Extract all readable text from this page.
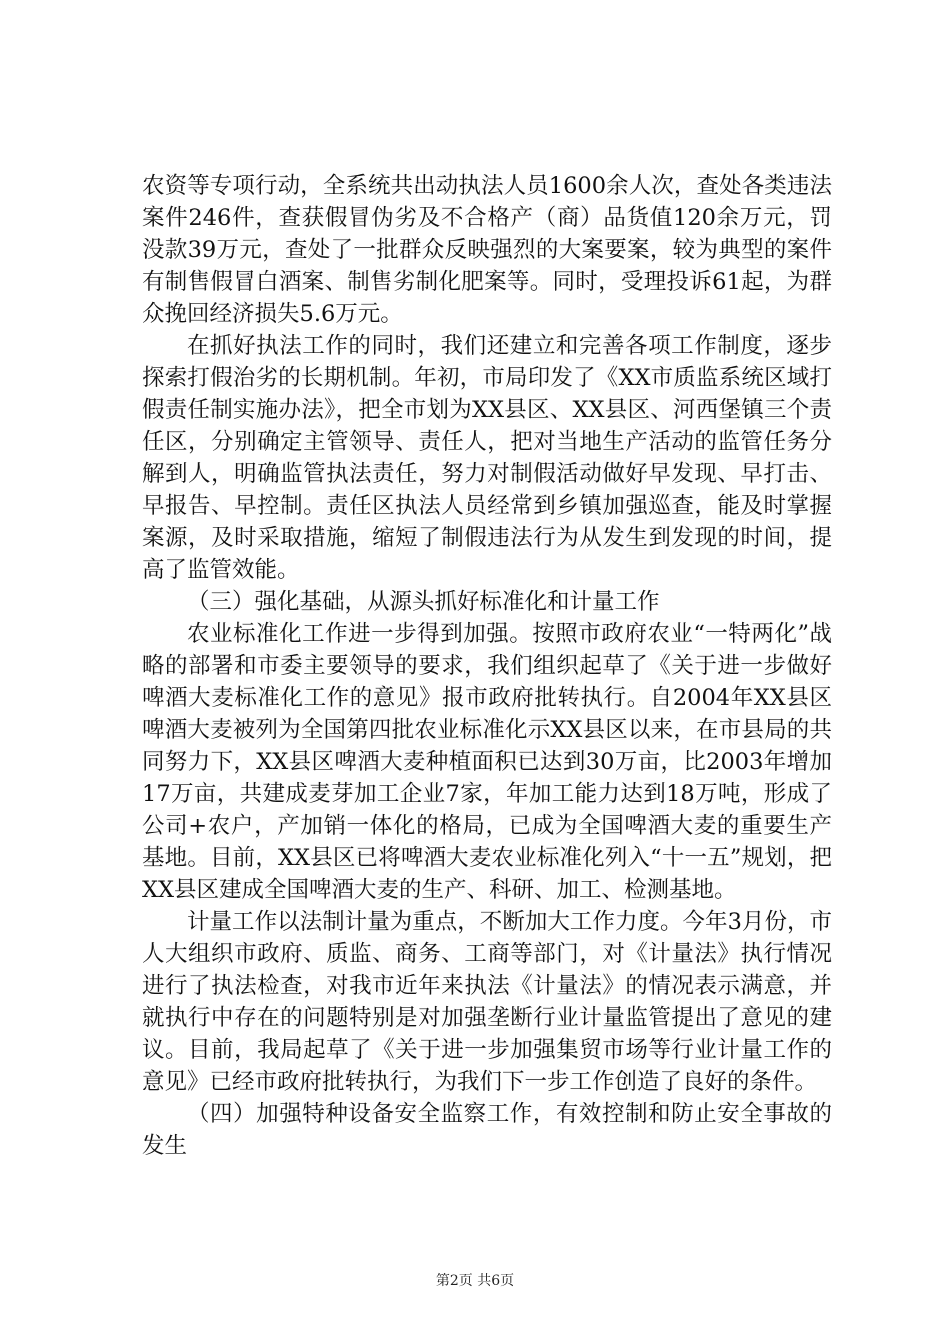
农资等专项行动，全系统共出动执法人员1600余人次，查处各类违法案件246件，查获假冒伪劣及不合格产（商）品货值120余万元，罚没款39万元，查处了一批群众反映强烈的大案要案，较为典型的案件有制售假冒白酒案、制售劣制化肥案等。同时，受理投诉61起，为群众挽回经济损失5.6万元。

在抓好执法工作的同时，我们还建立和完善各项工作制度，逐步探索打假治劣的长期机制。年初，市局印发了《XX市质监系统区域打假责任制实施办法》，把全市划为XX县区、XX县区、河西堡镇三个责任区，分别确定主管领导、责任人，把对当地生产活动的监管任务分解到人，明确监管执法责任，努力对制假活动做好早发现、早打击、早报告、早控制。责任区执法人员经常到乡镇加强巡查，能及时掌握案源，及时采取措施，缩短了制假违法行为从发生到发现的时间，提高了监管效能。

（三）强化基础，从源头抓好标准化和计量工作

农业标准化工作进一步得到加强。按照市政府农业“一特两化”战略的部署和市委主要领导的要求，我们组织起草了《关于进一步做好啤酒大麦标准化工作的意见》报市政府批转执行。自2004年XX县区啤酒大麦被列为全国第四批农业标准化示XX县区以来，在市县局的共同努力下，XX县区啤酒大麦种植面积已达到30万亩，比2003年增加17万亩，共建成麦芽加工企业7家，年加工能力达到18万吨，形成了公司+农户，产加销一体化的格局，已成为全国啤酒大麦的重要生产基地。目前，XX县区已将啤酒大麦农业标准化列入“十一五”规划，把XX县区建成全国啤酒大麦的生产、科研、加工、检测基地。

计量工作以法制计量为重点，不断加大工作力度。今年3月份，市人大组织市政府、质监、商务、工商等部门，对《计量法》执行情况进行了执法检查，对我市近年来执法《计量法》的情况表示满意，并就执行中存在的问题特别是对加强垄断行业计量监管提出了意见的建议。目前，我局起草了《关于进一步加强集贸市场等行业计量工作的意见》已经市政府批转执行，为我们下一步工作创造了良好的条件。

（四）加强特种设备安全监察工作，有效控制和防止安全事故的发生

第2页 共6页
